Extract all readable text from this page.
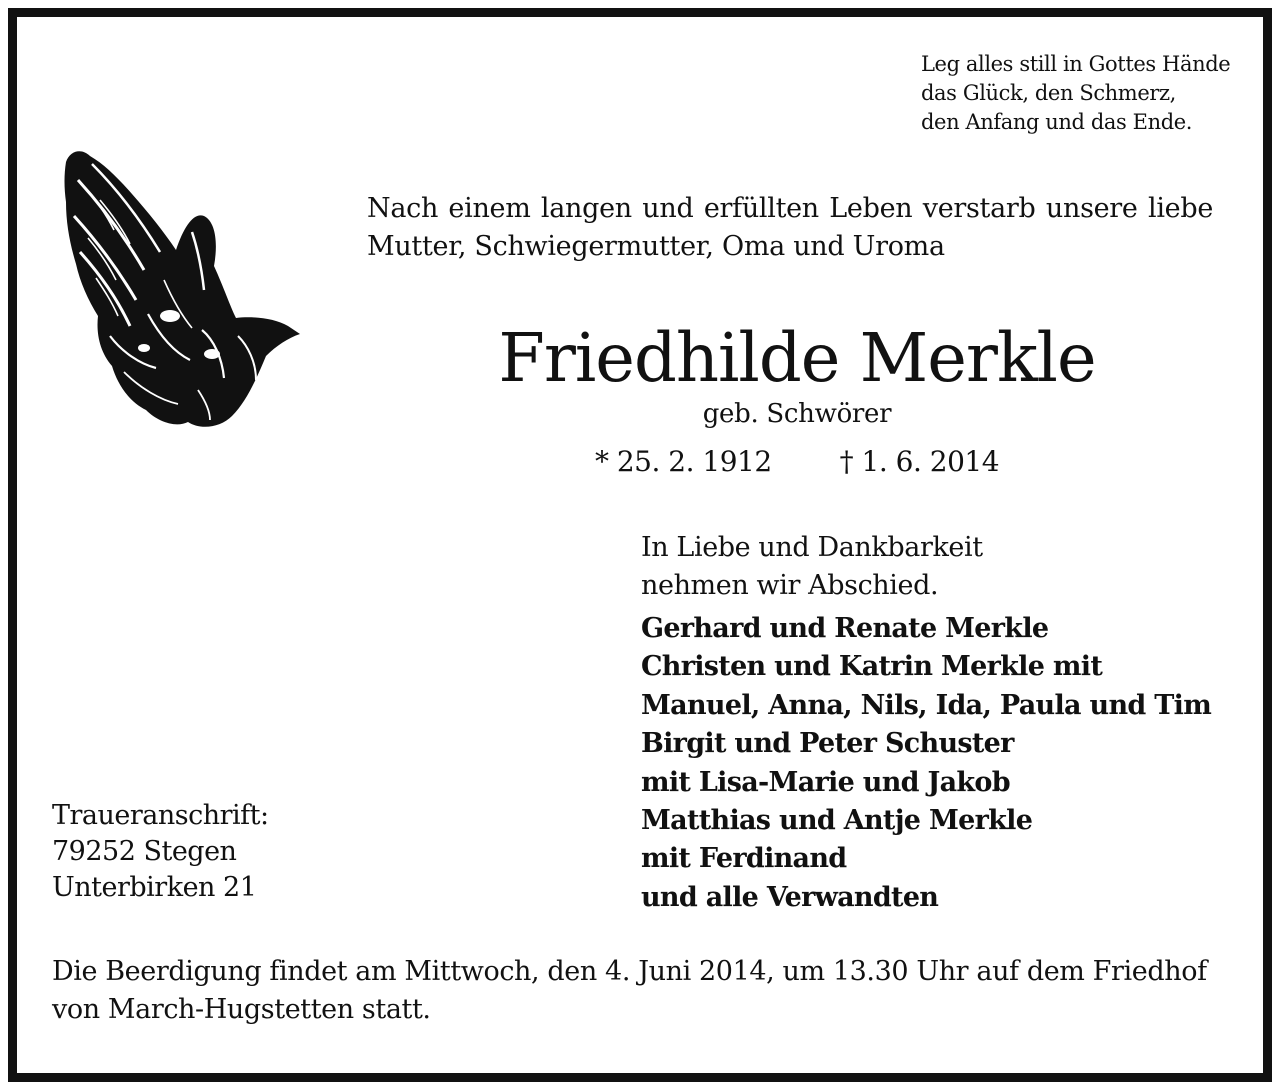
Leg alles still in Gottes Hände
das Glück, den Schmerz,
den Anfang und das Ende.
Nach einem langen und erfüllten Leben verstarb unsere liebe
Mutter, Schwiegermutter, Oma und Uroma
Friedhilde Merkle
geb. Schwörer
* 25. 2. 1912 † 1. 6. 2014
In Liebe und Dankbarkeit
nehmen wir Abschied.
Gerhard und Renate Merkle
Christen und Katrin Merkle mit
Manuel, Anna, Nils, Ida, Paula und Tim
Birgit und Peter Schuster
mit Lisa-Marie und Jakob
Matthias und Antje Merkle
mit Ferdinand
und alle Verwandten
Traueranschrift:
79252 Stegen
Unterbirken 21
Die Beerdigung findet am Mittwoch, den 4. Juni 2014, um 13.30 Uhr auf dem Friedhof
von March-Hugstetten statt.
